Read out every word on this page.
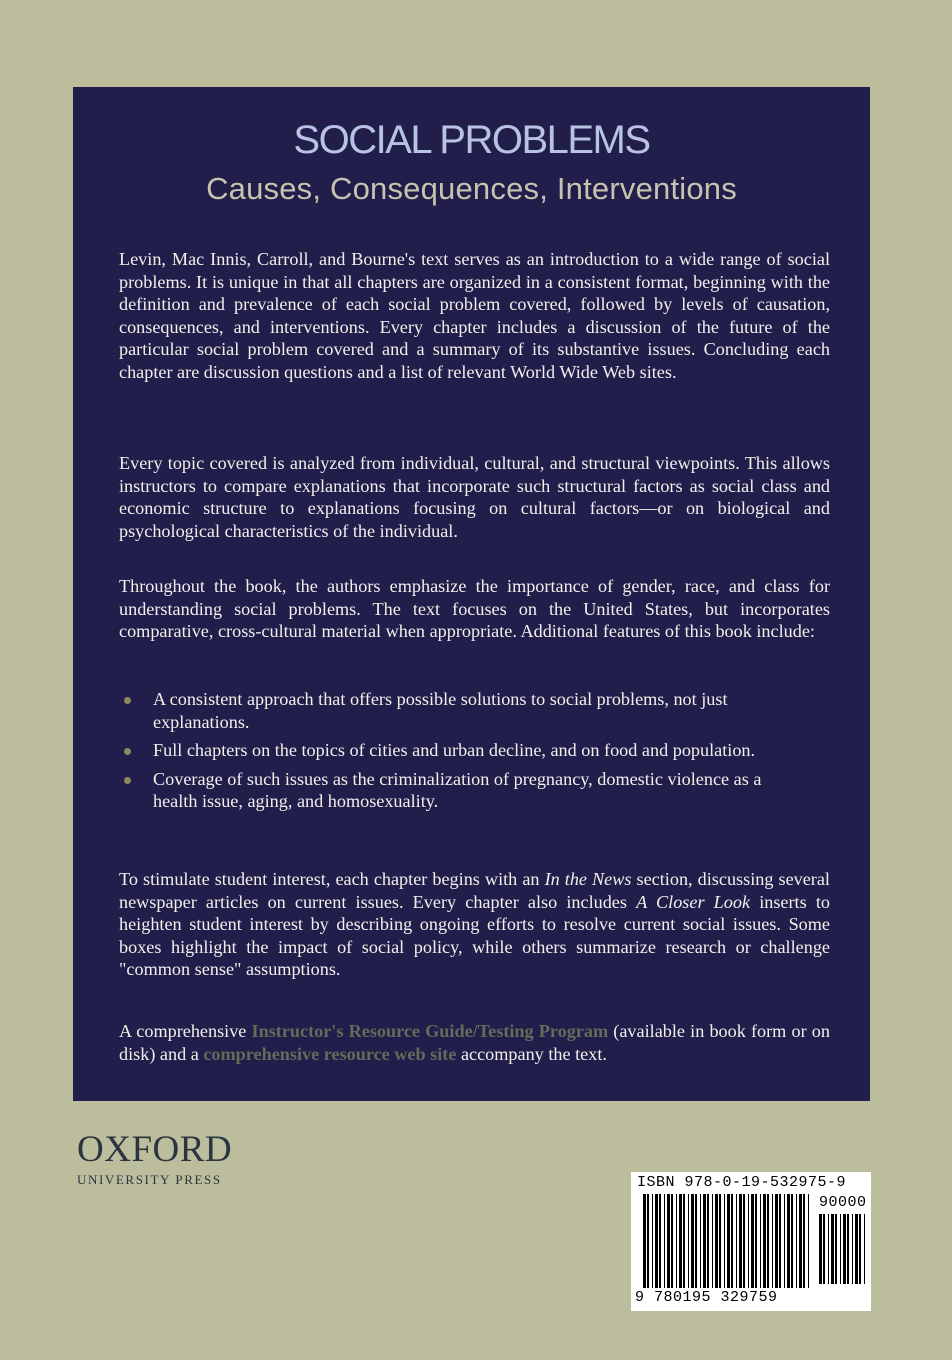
SOCIAL PROBLEMS
Causes, Consequences, Interventions

Levin, Mac Innis, Carroll, and Bourne's text serves as an introduction to a wide range of social problems. It is unique in that all chapters are organized in a consistent format, beginning with the definition and prevalence of each social problem covered, followed by levels of causation, consequences, and interventions. Every chapter includes a discussion of the future of the particular social problem covered and a summary of its substantive issues. Concluding each chapter are discussion questions and a list of relevant World Wide Web sites.

Every topic covered is analyzed from individual, cultural, and structural viewpoints. This allows instructors to compare explanations that incorporate such structural factors as social class and economic structure to explanations focusing on cultural factors—or on biological and psychological characteristics of the individual.

Throughout the book, the authors emphasize the importance of gender, race, and class for understanding social problems. The text focuses on the United States, but incorporates comparative, cross-cultural material when appropriate. Additional features of this book include:

A consistent approach that offers possible solutions to social problems, not just explanations.
Full chapters on the topics of cities and urban decline, and on food and population.
Coverage of such issues as the criminalization of pregnancy, domestic violence as a health issue, aging, and homosexuality.

To stimulate student interest, each chapter begins with an In the News section, discussing several newspaper articles on current issues. Every chapter also includes A Closer Look inserts to heighten student interest by describing ongoing efforts to resolve current social issues. Some boxes highlight the impact of social policy, while others summarize research or challenge "common sense" assumptions.

A comprehensive Instructor's Resource Guide/Testing Program (available in book form or on disk) and a comprehensive resource web site accompany the text.

OXFORD
UNIVERSITY PRESS	ISBN 978-0-19-532975-9
90000
9 780195 329759
